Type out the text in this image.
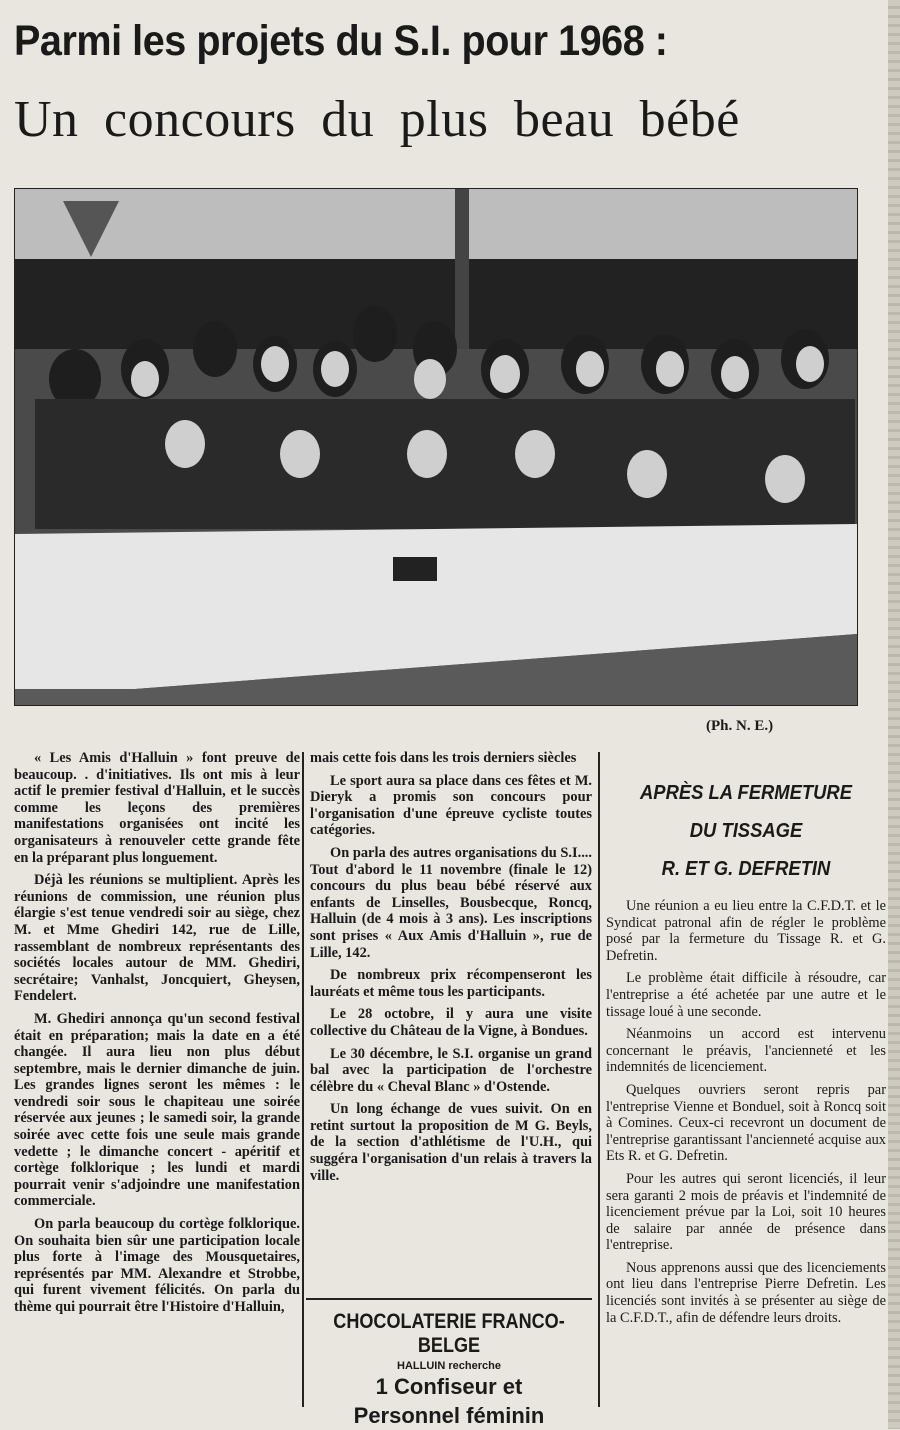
Parmi les projets du S.I. pour 1968 :
Un concours du plus beau bébé
(Ph. N. E.)

« Les Amis d'Halluin » font preuve de beaucoup. . d'initiatives. Ils ont mis à leur actif le premier festival d'Halluin, et le succès comme les leçons des premières manifestations organisées ont incité les organisateurs à renouveler cette grande fête en la préparant plus longuement.

Déjà les réunions se multiplient. Après les réunions de commission, une réunion plus élargie s'est tenue vendredi soir au siège, chez M. et Mme Ghediri 142, rue de Lille, rassemblant de nombreux représentants des sociétés locales autour de MM. Ghediri, secrétaire; Vanhalst, Joncquiert, Gheysen, Fendelert.

M. Ghediri annonça qu'un second festival était en préparation; mais la date en a été changée. Il aura lieu non plus début septembre, mais le dernier dimanche de juin. Les grandes lignes seront les mêmes : le vendredi soir sous le chapiteau une soirée réservée aux jeunes ; le samedi soir, la grande soirée avec cette fois une seule mais grande vedette ; le dimanche concert - apéritif et cortège folklorique ; les lundi et mardi pourrait venir s'adjoindre une manifestation commerciale.

On parla beaucoup du cortège folklorique. On souhaita bien sûr une participation locale plus forte à l'image des Mousquetaires, représentés par MM. Alexandre et Strobbe, qui furent vivement félicités. On parla du thème qui pourrait être l'Histoire d'Halluin,

mais cette fois dans les trois derniers siècles

Le sport aura sa place dans ces fêtes et M. Dieryk a promis son concours pour l'organisation d'une épreuve cycliste toutes catégories.

On parla des autres organisations du S.I.... Tout d'abord le 11 novembre (finale le 12) concours du plus beau bébé réservé aux enfants de Linselles, Bousbecque, Roncq, Halluin (de 4 mois à 3 ans). Les inscriptions sont prises « Aux Amis d'Halluin », rue de Lille, 142.

De nombreux prix récompenseront les lauréats et même tous les participants.

Le 28 octobre, il y aura une visite collective du Château de la Vigne, à Bondues.

Le 30 décembre, le S.I. organise un grand bal avec la participation de l'orchestre célèbre du « Cheval Blanc » d'Ostende.

Un long échange de vues suivit. On en retint surtout la proposition de M G. Beyls, de la section d'athlétisme de l'U.H., qui suggéra l'organisation d'un relais à travers la ville.

CHOCOLATERIE FRANCO-BELGE
HALLUIN recherche
1 Confiseur et
Personnel féminin
APRÈS LA FERMETURE
DU TISSAGE
R. ET G. DEFRETIN

Une réunion a eu lieu entre la C.F.D.T. et le Syndicat patronal afin de régler le problème posé par la fermeture du Tissage R. et G. Defretin.

Le problème était difficile à résoudre, car l'entreprise a été achetée par une autre et le tissage loué à une seconde.

Néanmoins un accord est intervenu concernant le préavis, l'ancienneté et les indemnités de licenciement.

Quelques ouvriers seront repris par l'entreprise Vienne et Bonduel, soit à Roncq soit à Comines. Ceux-ci recevront un document de l'entreprise garantissant l'ancienneté acquise aux Ets R. et G. Defretin.

Pour les autres qui seront licenciés, il leur sera garanti 2 mois de préavis et l'indemnité de licenciement prévue par la Loi, soit 10 heures de salaire par année de présence dans l'entreprise.

Nous apprenons aussi que des licenciements ont lieu dans l'entreprise Pierre Defretin. Les licenciés sont invités à se présenter au siège de la C.F.D.T., afin de défendre leurs droits.
